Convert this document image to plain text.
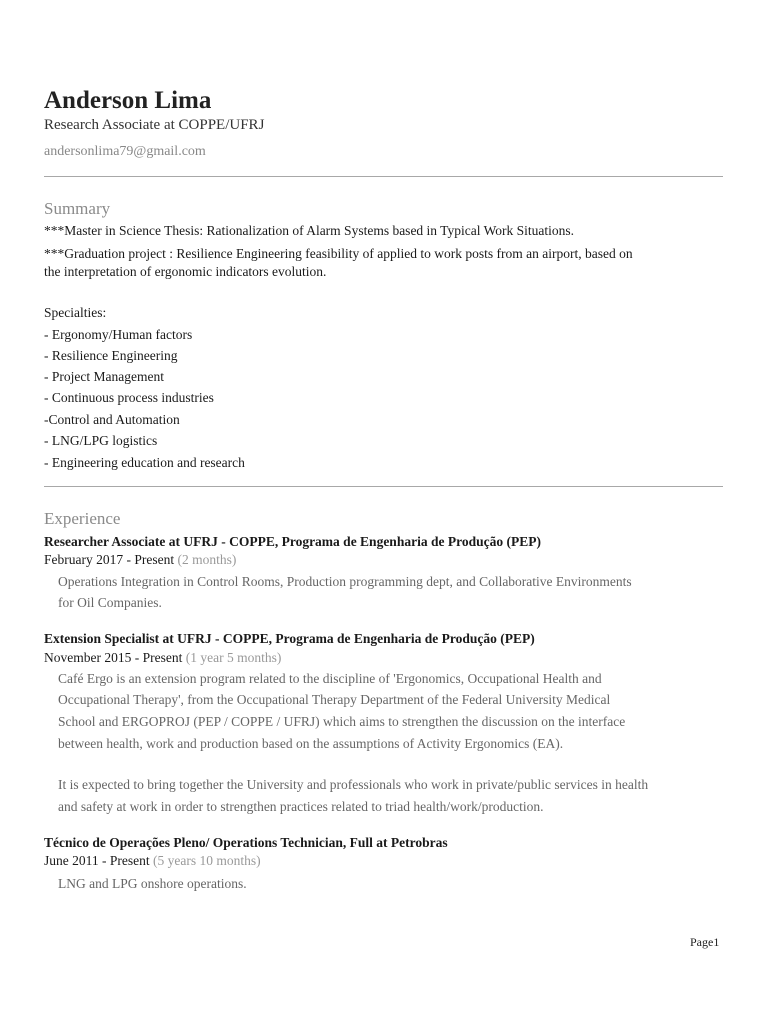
Anderson Lima
Research Associate at COPPE/UFRJ
andersonlima79@gmail.com
Summary
***Master in Science Thesis: Rationalization of Alarm Systems based in Typical Work Situations.
***Graduation project : Resilience Engineering feasibility of applied to work posts from an airport, based on
the interpretation of ergonomic indicators evolution.
Specialties:
- Ergonomy/Human factors
- Resilience Engineering
- Project Management
- Continuous process industries
-Control and Automation
- LNG/LPG logistics
- Engineering education and research
Experience
Researcher Associate at UFRJ - COPPE, Programa de Engenharia de Produção (PEP)
February 2017 - Present (2 months)
Operations Integration in Control Rooms, Production programming dept, and Collaborative Environments
for Oil Companies.
Extension Specialist at UFRJ - COPPE, Programa de Engenharia de Produção (PEP)
November 2015 - Present (1 year 5 months)
Café Ergo is an extension program related to the discipline of 'Ergonomics, Occupational Health and
Occupational Therapy', from the Occupational Therapy Department of the Federal University Medical
School and ERGOPROJ (PEP / COPPE / UFRJ) which aims to strengthen the discussion on the interface
between health, work and production based on the assumptions of Activity Ergonomics (EA).
It is expected to bring together the University and professionals who work in private/public services in health
and safety at work in order to strengthen practices related to triad health/work/production.
Técnico de Operações Pleno/ Operations Technician, Full at Petrobras
June 2011 - Present (5 years 10 months)
LNG and LPG onshore operations.
Page1
